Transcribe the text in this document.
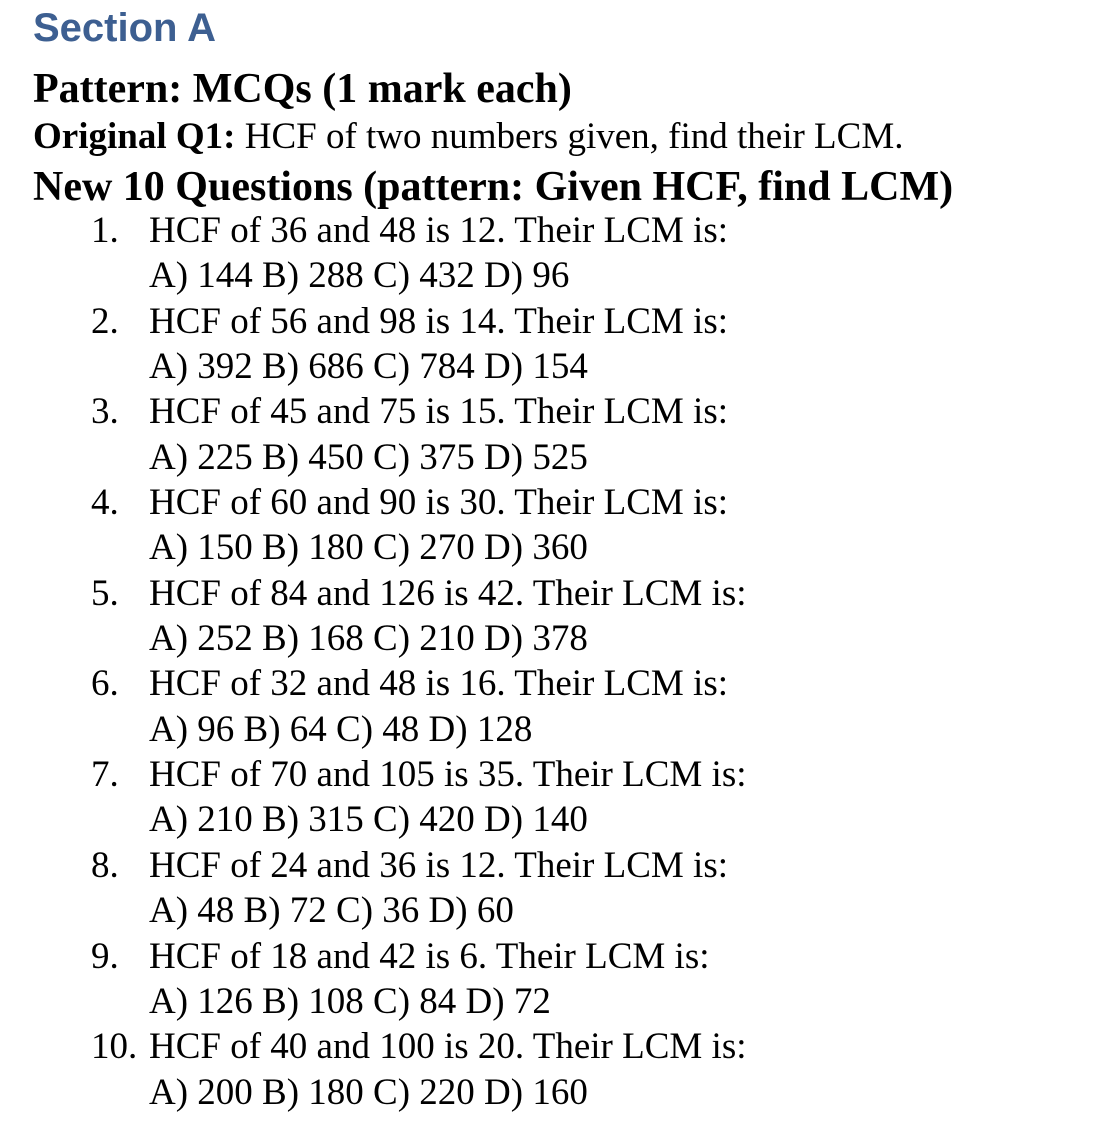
Section A

Pattern: MCQs (1 mark each)

Original Q1: HCF of two numbers given, find their LCM.

New 10 Questions (pattern: Given HCF, find LCM)

1. HCF of 36 and 48 is 12. Their LCM is:
A) 144 B) 288 C) 432 D) 96
2. HCF of 56 and 98 is 14. Their LCM is:
A) 392 B) 686 C) 784 D) 154
3. HCF of 45 and 75 is 15. Their LCM is:
A) 225 B) 450 C) 375 D) 525
4. HCF of 60 and 90 is 30. Their LCM is:
A) 150 B) 180 C) 270 D) 360
5. HCF of 84 and 126 is 42. Their LCM is:
A) 252 B) 168 C) 210 D) 378
6. HCF of 32 and 48 is 16. Their LCM is:
A) 96 B) 64 C) 48 D) 128
7. HCF of 70 and 105 is 35. Their LCM is:
A) 210 B) 315 C) 420 D) 140
8. HCF of 24 and 36 is 12. Their LCM is:
A) 48 B) 72 C) 36 D) 60
9. HCF of 18 and 42 is 6. Their LCM is:
A) 126 B) 108 C) 84 D) 72
10. HCF of 40 and 100 is 20. Their LCM is:
A) 200 B) 180 C) 220 D) 160
